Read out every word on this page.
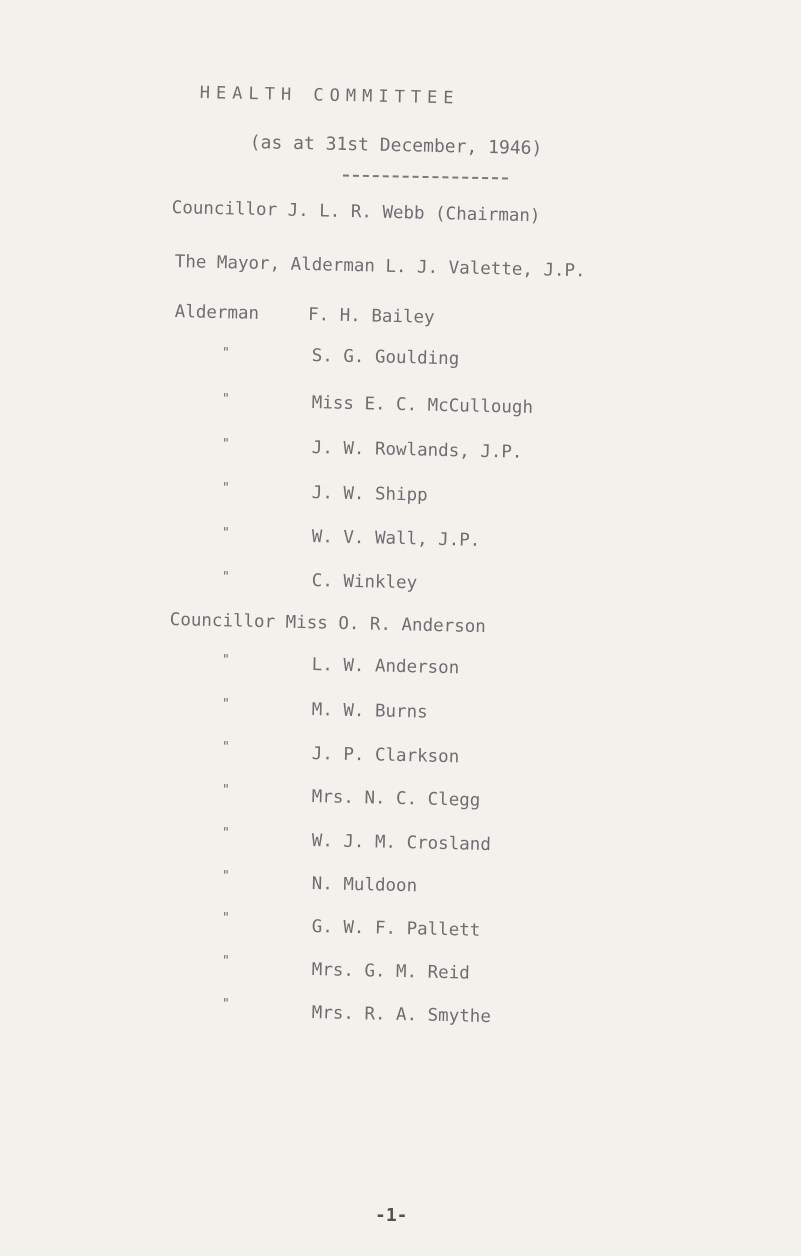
HEALTH COMMITTEE
(as at 31st December, 1946)
Councillor J. L. R. Webb (Chairman)
The Mayor, Alderman L. J. Valette, J.P.
Alderman	F. H. Bailey
"	S. G. Goulding
"	Miss E. C. McCullough
"	J. W. Rowlands, J.P.
"	J. W. Shipp
"	W. V. Wall, J.P.
"	C. Winkley
Councillor Miss O. R. Anderson
"	L. W. Anderson
"	M. W. Burns
"	J. P. Clarkson
"	Mrs. N. C. Clegg
"	W. J. M. Crosland
"	N. Muldoon
"	G. W. F. Pallett
"	Mrs. G. M. Reid
"	Mrs. R. A. Smythe
-1-
